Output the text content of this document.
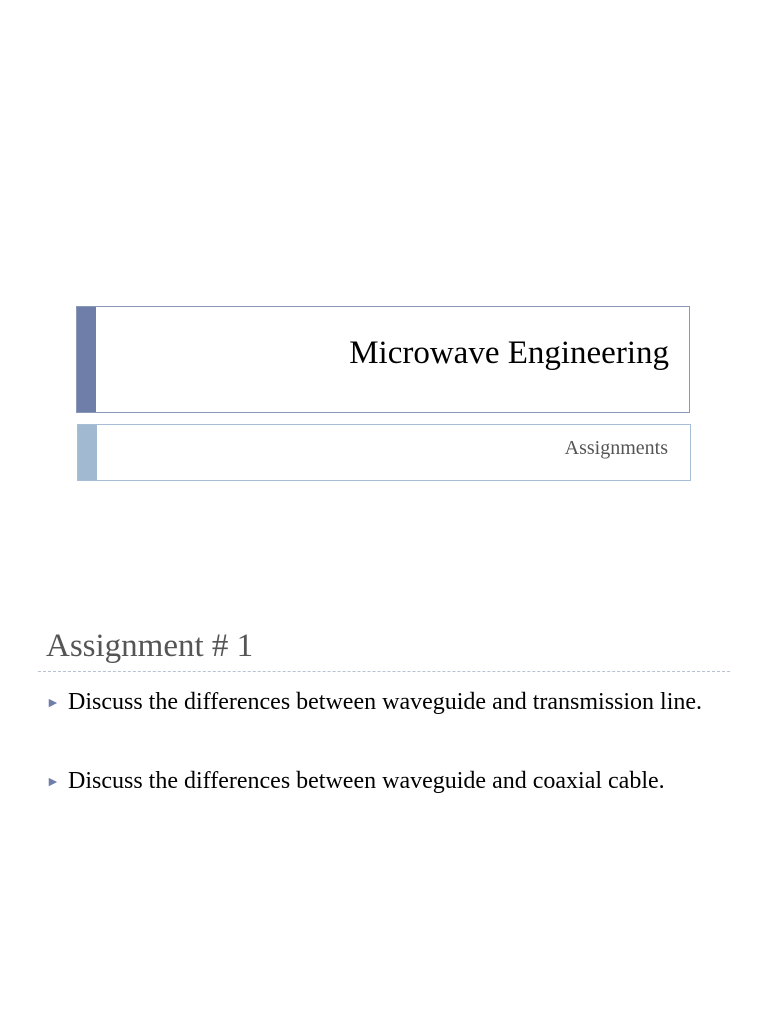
Microwave Engineering
Assignments
Assignment # 1
► Discuss the differences between waveguide and transmission line.
► Discuss the differences between waveguide and coaxial cable.
